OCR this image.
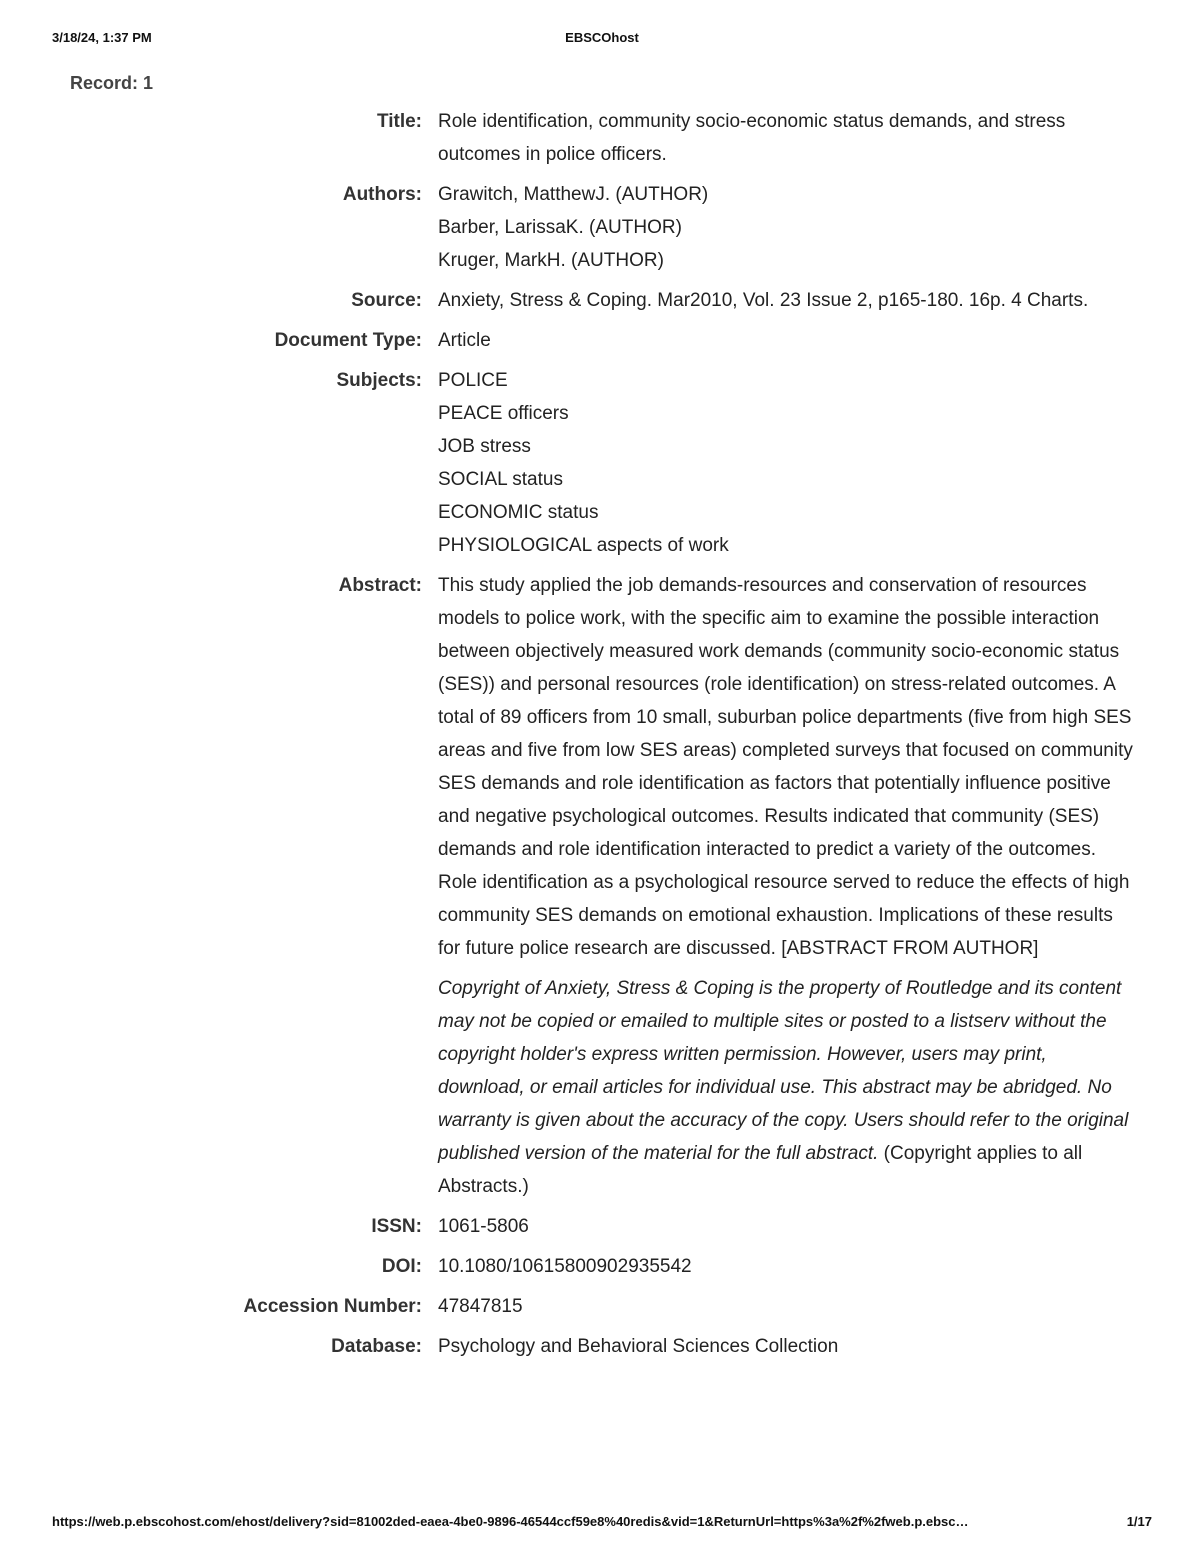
3/18/24, 1:37 PM	EBSCOhost
Record: 1
Title: Role identification, community socio-economic status demands, and stress outcomes in police officers.
Authors: Grawitch, MatthewJ. (AUTHOR)
Barber, LarissaK. (AUTHOR)
Kruger, MarkH. (AUTHOR)
Source: Anxiety, Stress & Coping. Mar2010, Vol. 23 Issue 2, p165-180. 16p. 4 Charts.
Document Type: Article
Subjects: POLICE
PEACE officers
JOB stress
SOCIAL status
ECONOMIC status
PHYSIOLOGICAL aspects of work
Abstract: This study applied the job demands-resources and conservation of resources models to police work, with the specific aim to examine the possible interaction between objectively measured work demands (community socio-economic status (SES)) and personal resources (role identification) on stress-related outcomes. A total of 89 officers from 10 small, suburban police departments (five from high SES areas and five from low SES areas) completed surveys that focused on community SES demands and role identification as factors that potentially influence positive and negative psychological outcomes. Results indicated that community (SES) demands and role identification interacted to predict a variety of the outcomes. Role identification as a psychological resource served to reduce the effects of high community SES demands on emotional exhaustion. Implications of these results for future police research are discussed. [ABSTRACT FROM AUTHOR]
Copyright of Anxiety, Stress & Coping is the property of Routledge and its content may not be copied or emailed to multiple sites or posted to a listserv without the copyright holder's express written permission. However, users may print, download, or email articles for individual use. This abstract may be abridged. No warranty is given about the accuracy of the copy. Users should refer to the original published version of the material for the full abstract. (Copyright applies to all Abstracts.)
ISSN: 1061-5806
DOI: 10.1080/10615800902935542
Accession Number: 47847815
Database: Psychology and Behavioral Sciences Collection
https://web.p.ebscohost.com/ehost/delivery?sid=81002ded-eaea-4be0-9896-46544ccf59e8%40redis&vid=1&ReturnUrl=https%3a%2f%2fweb.p.ebsc…	1/17
